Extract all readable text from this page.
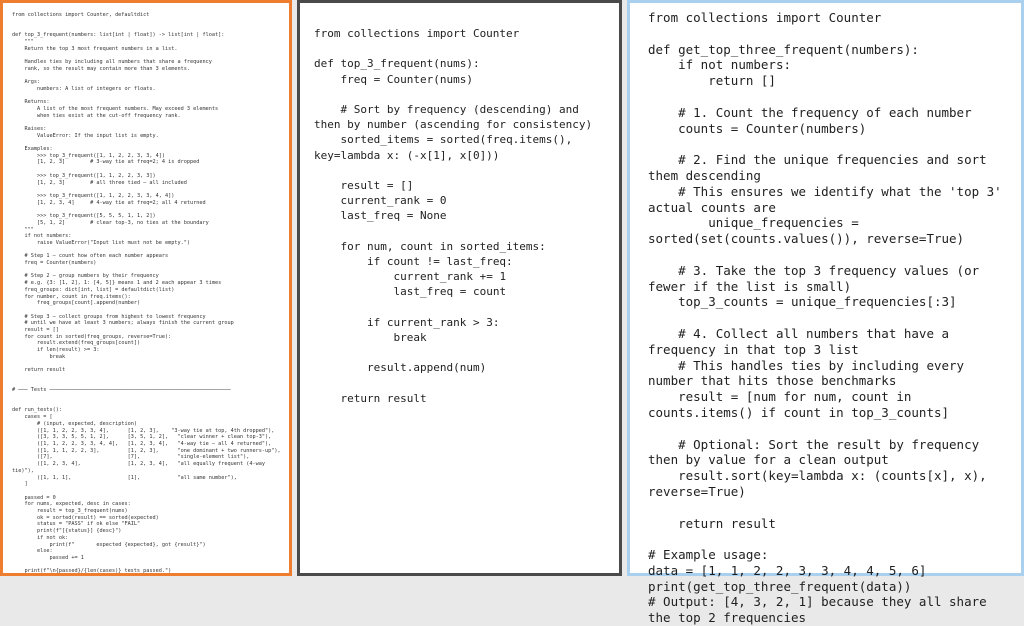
from collections import Counter, defaultdict

def top_3_frequent(numbers: list[int | float]) -> list[int | float]:
"""
Return the top 3 most frequent numbers in a list.

Handles ties by including all numbers that share a frequency
rank, so the result may contain more than 3 elements.

Args:
numbers: A list of integers or floats.

Returns:
A list of the most frequent numbers. May exceed 3 elements
when ties exist at the cut-off frequency rank.

Raises:
ValueError: If the input list is empty.

Examples:
>>> top_3_frequent([1, 1, 2, 2, 3, 3, 4])
[1, 2, 3]        # 3-way tie at freq=2; 4 is dropped

>>> top_3_frequent([1, 1, 2, 2, 3, 3])
[1, 2, 3]        # all three tied – all included

>>> top_3_frequent([1, 1, 2, 2, 3, 3, 4, 4])
[1, 2, 3, 4]     # 4-way tie at freq=2; all 4 returned

>>> top_3_frequent([5, 5, 5, 1, 1, 2])
[5, 1, 2]        # clear top-3, no ties at the boundary
"""
if not numbers:
raise ValueError("Input list must not be empty.")

# Step 1 — count how often each number appears
freq = Counter(numbers)

# Step 2 — group numbers by their frequency
# e.g. {3: [1, 2], 1: [4, 5]} means 1 and 2 each appear 3 times
freq_groups: dict[int, list] = defaultdict(list)
for number, count in freq.items():
freq_groups[count].append(number)

# Step 3 — collect groups from highest to lowest frequency
# until we have at least 3 numbers; always finish the current group
result = []
for count in sorted(freq_groups, reverse=True):
result.extend(freq_groups[count])
if len(result) >= 3:
break

return result

# ─── Tests ──────────────────────────────────────────────────────────

def run_tests():
cases = [
# (input, expected, description)
([1, 1, 2, 2, 3, 3, 4],      [1, 2, 3],    "3-way tie at top, 4th dropped"),
([3, 3, 3, 5, 5, 1, 2],      [3, 5, 1, 2],   "clear winner + clean top-3"),
([1, 1, 2, 2, 3, 3, 4, 4],   [1, 2, 3, 4],   "4-way tie – all 4 returned"),
([1, 1, 1, 2, 2, 3],         [1, 2, 3],      "one dominant + two runners-up"),
([7],                        [7],            "single-element list"),
([1, 2, 3, 4],               [1, 2, 3, 4],   "all equally frequent (4-way tie)"),
([1, 1, 1],                  [1],            "all same number"),
]

passed = 0
for nums, expected, desc in cases:
result = top_3_frequent(nums)
ok = sorted(result) == sorted(expected)
status = "PASS" if ok else "FAIL"
print(f"[{status}] {desc}")
if not ok:
print(f"       expected {expected}, got {result}")
else:
passed += 1

print(f"\n{passed}/{len(cases)} tests passed.")
from collections import Counter

def top_3_frequent(nums):
freq = Counter(nums)

# Sort by frequency (descending) and then by number (ascending for consistency)
sorted_items = sorted(freq.items(), key=lambda x: (-x[1], x[0]))

result = []
current_rank = 0
last_freq = None

for num, count in sorted_items:
if count != last_freq:
current_rank += 1
last_freq = count

if current_rank > 3:
break

result.append(num)

return result
from collections import Counter

def get_top_three_frequent(numbers):
if not numbers:
return []

# 1. Count the frequency of each number
counts = Counter(numbers)

# 2. Find the unique frequencies and sort them descending
# This ensures we identify what the 'top 3' actual counts are
unique_frequencies = sorted(set(counts.values()), reverse=True)

# 3. Take the top 3 frequency values (or fewer if the list is small)
top_3_counts = unique_frequencies[:3]

# 4. Collect all numbers that have a frequency in that top 3 list
# This handles ties by including every number that hits those benchmarks
result = [num for num, count in counts.items() if count in top_3_counts]

# Optional: Sort the result by frequency then by value for a clean output
result.sort(key=lambda x: (counts[x], x), reverse=True)

return result

# Example usage:
data = [1, 1, 2, 2, 3, 3, 4, 4, 5, 6]
print(get_top_three_frequent(data))
# Output: [4, 3, 2, 1] because they all share the top 2 frequencies
